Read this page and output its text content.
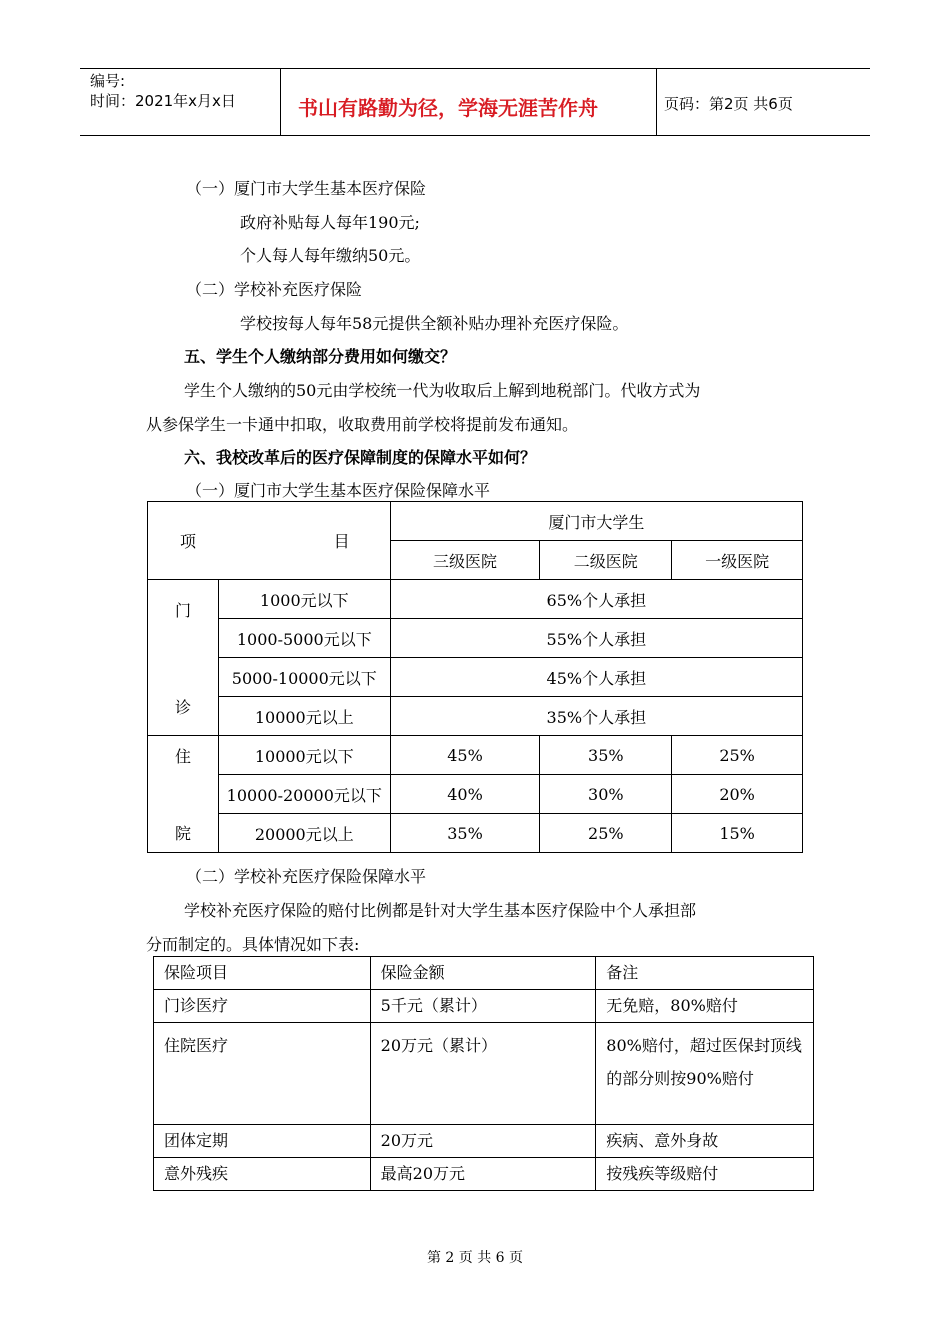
编号:
时间：2021年x月x日	书山有路勤为径，学海无涯苦作舟	页码：第2页 共6页
（一）厦门市大学生基本医疗保险
政府补贴每人每年190元;
个人每人每年缴纳50元。
（二）学校补充医疗保险
学校按每人每年58元提供全额补贴办理补充医疗保险。
五、学生个人缴纳部分费用如何缴交？
学生个人缴纳的50元由学校统一代为收取后上解到地税部门。代收方式为
从参保学生一卡通中扣取，收取费用前学校将提前发布通知。
六、我校改革后的医疗保障制度的保障水平如何？
（一）厦门市大学生基本医疗保险保障水平
项 目		厦门市大学生		
		三级医院	二级医院	一级医院

门
诊	1000元以下	65%个人承担		
	1000-5000元以下	55%个人承担		
	5000-10000元以下	45%个人承担		
	10000元以上	35%个人承担		

住
院	10000元以下	45%	35%	25%
	10000-20000元以下	40%	30%	20%
	20000元以上	35%	25%	15%
（二）学校补充医疗保险保障水平
学校补充医疗保险的赔付比例都是针对大学生基本医疗保险中个人承担部
分而制定的。具体情况如下表:
保险项目	保险金额	备注
门诊医疗	5千元（累计）	无免赔，80%赔付
住院医疗	20万元（累计）	80%赔付，超过医保封顶线的部分则按90%赔付
团体定期	20万元	疾病、意外身故
意外残疾	最高20万元	按残疾等级赔付
第 2 页 共 6 页
